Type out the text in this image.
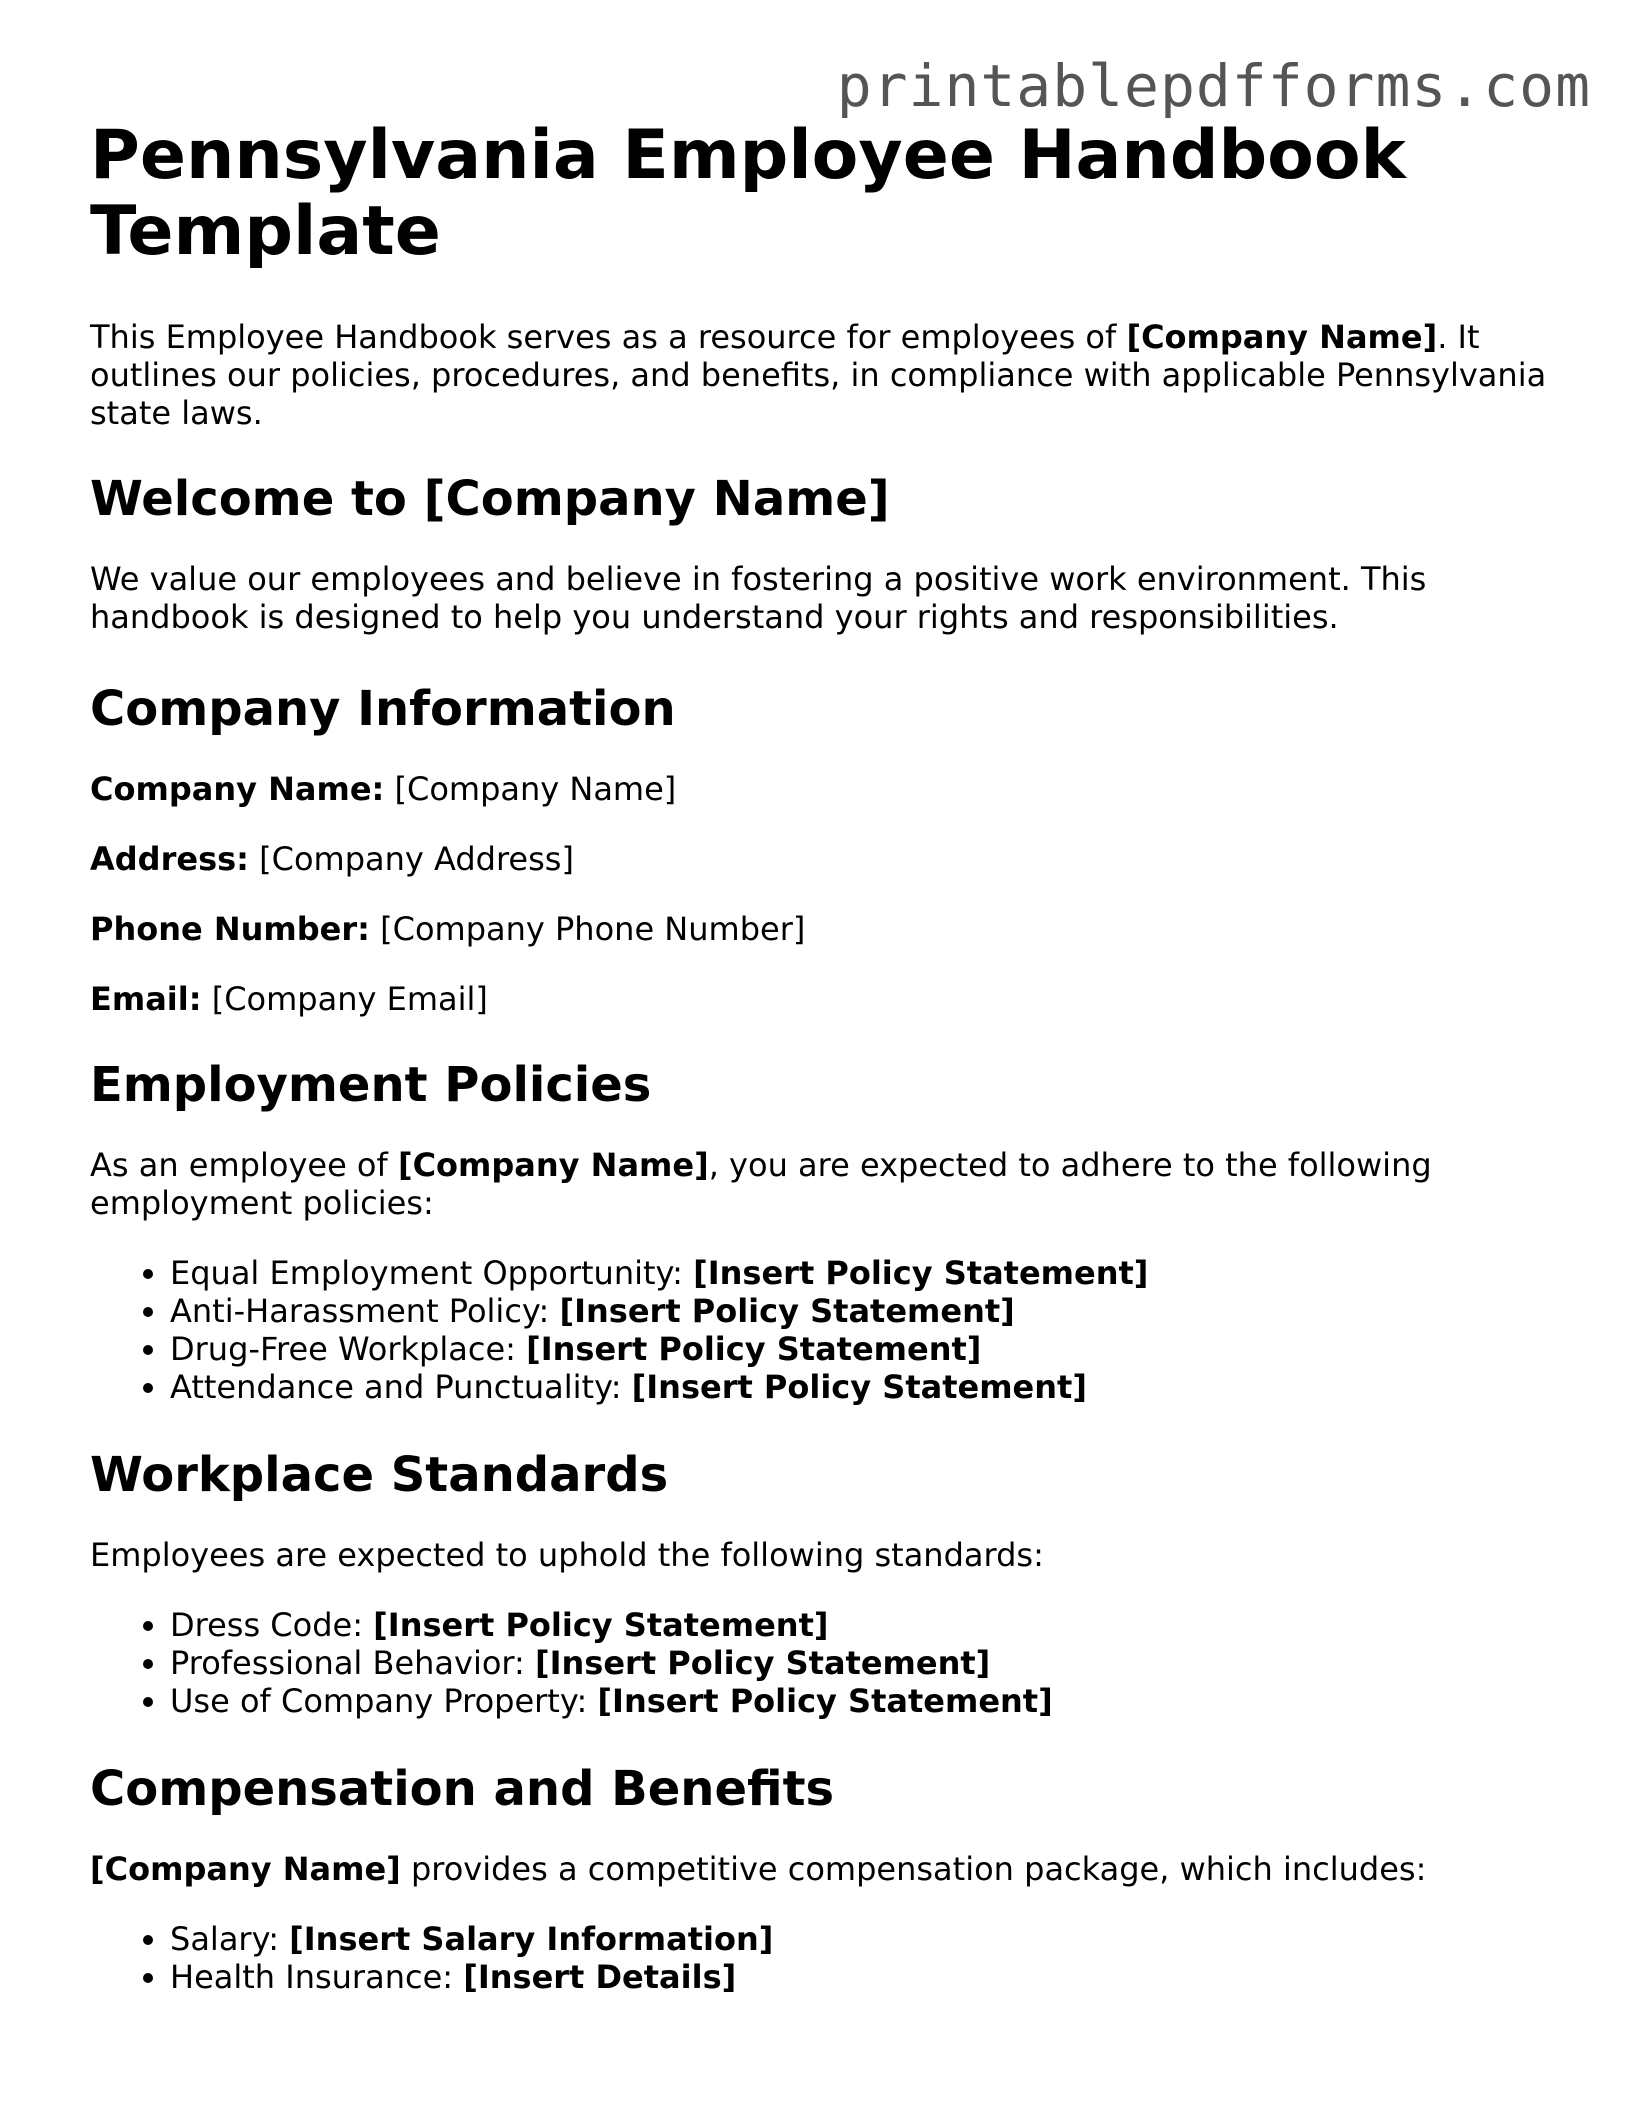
printablepdfforms.com
Pennsylvania Employee Handbook Template

This Employee Handbook serves as a resource for employees of [Company Name]. It outlines our policies, procedures, and benefits, in compliance with applicable Pennsylvania state laws.

Welcome to [Company Name]

We value our employees and believe in fostering a positive work environment. This handbook is designed to help you understand your rights and responsibilities.

Company Information

Company Name: [Company Name]

Address: [Company Address]

Phone Number: [Company Phone Number]

Email: [Company Email]

Employment Policies

As an employee of [Company Name], you are expected to adhere to the following employment policies:

• Equal Employment Opportunity: [Insert Policy Statement]
• Anti-Harassment Policy: [Insert Policy Statement]
• Drug-Free Workplace: [Insert Policy Statement]
• Attendance and Punctuality: [Insert Policy Statement]
Workplace Standards

Employees are expected to uphold the following standards:

• Dress Code: [Insert Policy Statement]
• Professional Behavior: [Insert Policy Statement]
• Use of Company Property: [Insert Policy Statement]
Compensation and Benefits

[Company Name] provides a competitive compensation package, which includes:

• Salary: [Insert Salary Information]
• Health Insurance: [Insert Details]
